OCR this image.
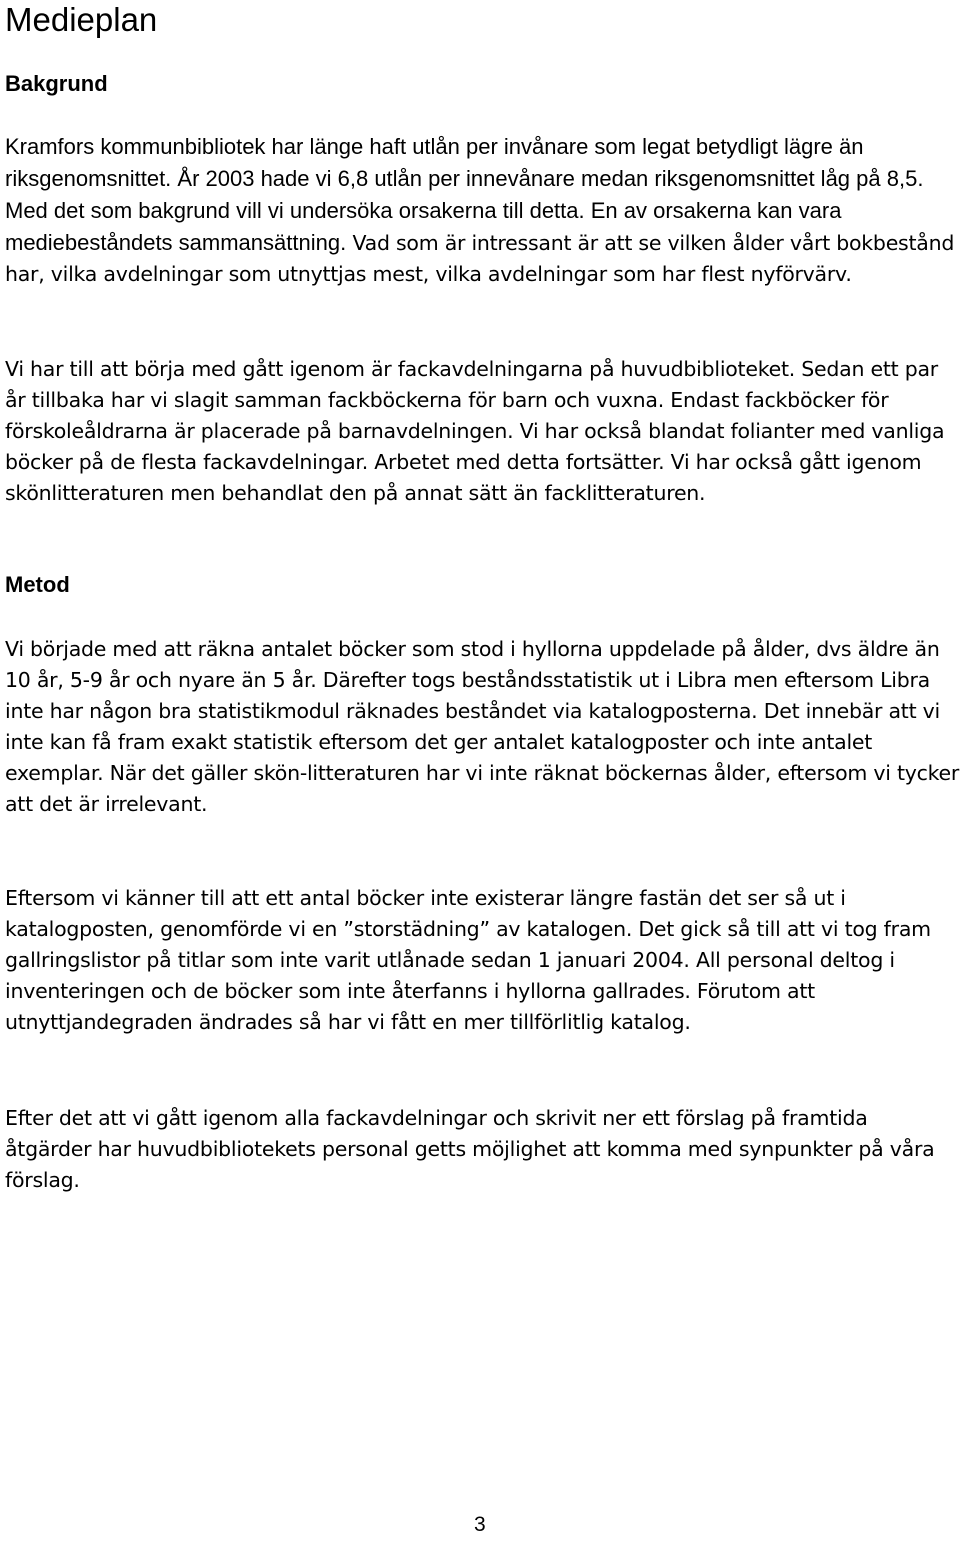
Medieplan
Bakgrund

Kramfors kommunbibliotek har länge haft utlån per invånare som legat betydligt lägre än riksgenomsnittet. År 2003 hade vi 6,8 utlån per innevånare medan riksgenomsnittet låg på 8,5. Med det som bakgrund vill vi undersöka orsakerna till detta. En av orsakerna kan vara mediebeståndets sammansättning. Vad som är intressant är att se vilken ålder vårt bokbestånd har, vilka avdelningar som utnyttjas mest, vilka avdelningar som har flest nyförvärv.

Vi har till att börja med gått igenom är fackavdelningarna på huvudbiblioteket. Sedan ett par år tillbaka har vi slagit samman fackböckerna för barn och vuxna. Endast fackböcker för förskoleåldrarna är placerade på barnavdelningen. Vi har också blandat folianter med vanliga böcker på de flesta fackavdelningar. Arbetet med detta fortsätter. Vi har också gått igenom skönlitteraturen men behandlat den på annat sätt än facklitteraturen.

Metod

Vi började med att räkna antalet böcker som stod i hyllorna uppdelade på ålder, dvs äldre än 10 år, 5-9 år och nyare än 5 år. Därefter togs beståndsstatistik ut i Libra men eftersom Libra inte har någon bra statistikmodul räknades beståndet via katalogposterna. Det innebär att vi inte kan få fram exakt statistik eftersom det ger antalet katalogposter och inte antalet exemplar. När det gäller skön-litteraturen har vi inte räknat böckernas ålder, eftersom vi tycker att det är irrelevant.

Eftersom vi känner till att ett antal böcker inte existerar längre fastän det ser så ut i katalogposten, genomförde vi en ”storstädning” av katalogen. Det gick så till att vi tog fram gallringslistor på titlar som inte varit utlånade sedan 1 januari 2004. All personal deltog i inventeringen och de böcker som inte återfanns i hyllorna gallrades. Förutom att utnyttjandegraden ändrades så har vi fått en mer tillförlitlig katalog.

Efter det att vi gått igenom alla fackavdelningar och skrivit ner ett förslag på framtida åtgärder har huvudbibliotekets personal getts möjlighet att komma med synpunkter på våra förslag.

3
